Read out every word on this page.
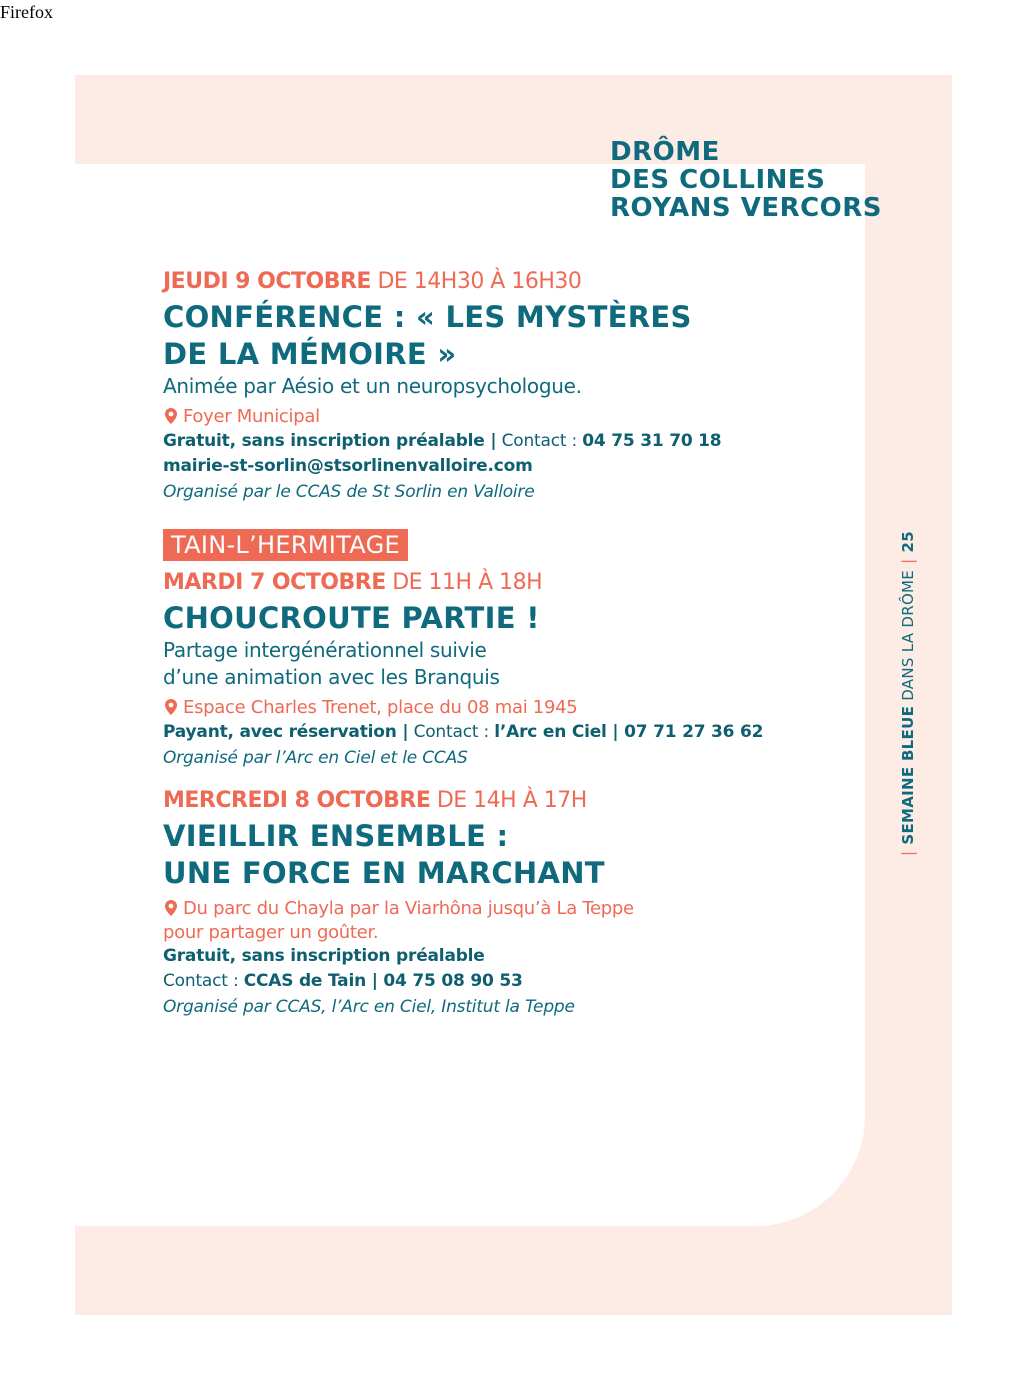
Firefox
DRÔME
DES COLLINES
ROYANS VERCORS
JEUDI 9 OCTOBRE DE 14H30 À 16H30
CONFÉRENCE : « LES MYSTÈRES
DE LA MÉMOIRE »
Animée par Aésio et un neuropsychologue.
Foyer Municipal
Gratuit, sans inscription préalable | Contact : 04 75 31 70 18
mairie-st-sorlin@stsorlinenvalloire.com
Organisé par le CCAS de St Sorlin en Valloire
TAIN-L’HERMITAGE
MARDI 7 OCTOBRE DE 11H À 18H
CHOUCROUTE PARTIE !
Partage intergénérationnel suivie
d’une animation avec les Branquis
Espace Charles Trenet, place du 08 mai 1945
Payant, avec réservation | Contact : l’Arc en Ciel | 07 71 27 36 62
Organisé par l’Arc en Ciel et le CCAS
MERCREDI 8 OCTOBRE DE 14H À 17H
VIEILLIR ENSEMBLE :
UNE FORCE EN MARCHANT
Du parc du Chayla par la Viarhôna jusqu’à La Teppe
pour partager un goûter.
Gratuit, sans inscription préalable
Contact : CCAS de Tain | 04 75 08 90 53
Organisé par CCAS, l’Arc en Ciel, Institut la Teppe
|SEMAINE BLEUE DANS LA DRÔME|25
